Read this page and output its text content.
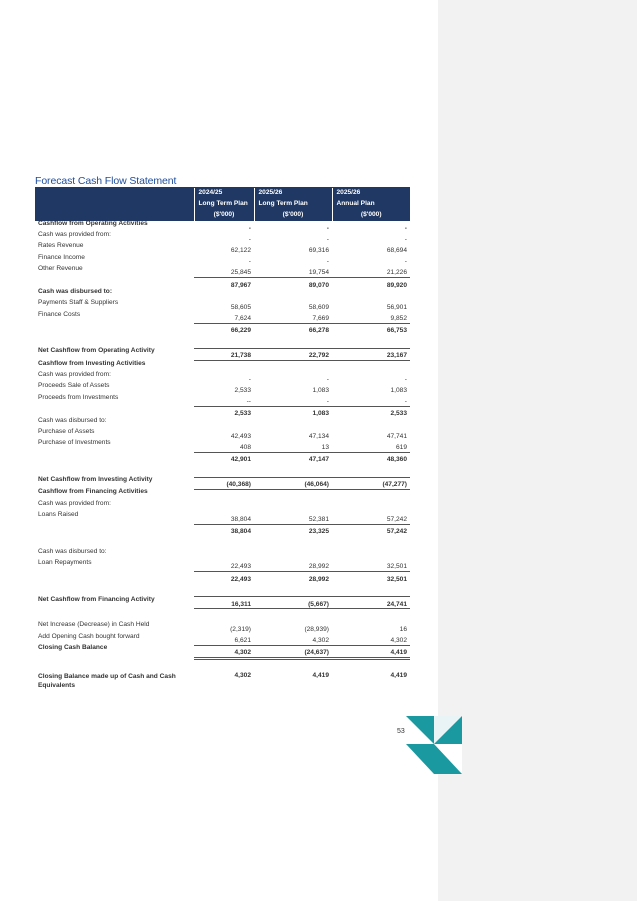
Forecast Cash Flow Statement
	2024/25	2025/26	2025/26
	Long Term Plan	Long Term Plan	Annual Plan
	($'000)	($'000)	($'000)
Cashflow from Operating Activities	-	-	-
Cash was provided from:	-	-	-
Rates Revenue	62,122	69,316	68,694
Finance Income	-	-	-
Other Revenue	25,845	19,754	21,226
	87,967	89,070	89,920
Cash was disbursed to:			
Payments Staff & Suppliers	58,605	58,609	56,901
Finance Costs	7,624	7,669	9,852
	66,229	66,278	66,753

Net Cashflow from Operating Activity	21,738	22,792	23,167
Cashflow from Investing Activities			
Cash was provided from:	-	-	-
Proceeds Sale of Assets	2,533	1,083	1,083
Proceeds from Investments	--	-	-
	2,533	1,083	2,533
Cash was disbursed to:			
Purchase of Assets	42,493	47,134	47,741
Purchase of Investments	408	13	619
	42,901	47,147	48,360

Net Cashflow from Investing Activity	(40,368)	(46,064)	(47,277)
Cashflow from Financing Activities			
Cash was provided from:			
Loans Raised	38,804	52,381	57,242
	38,804	23,325	57,242

Cash was disbursed to:			
Loan Repayments	22,493	28,992	32,501
	22,493	28,992	32,501

Net Cashflow from Financing Activity	16,311	(5,667)	24,741

Net Increase (Decrease) in Cash Held	(2,319)	(28,939)	16
Add Opening Cash bought forward	6,621	4,302	4,302
Closing Cash Balance	4,302	(24,637)	4,419

Closing Balance made up of Cash and Cash Equivalents	4,302	4,419	4,419
53
